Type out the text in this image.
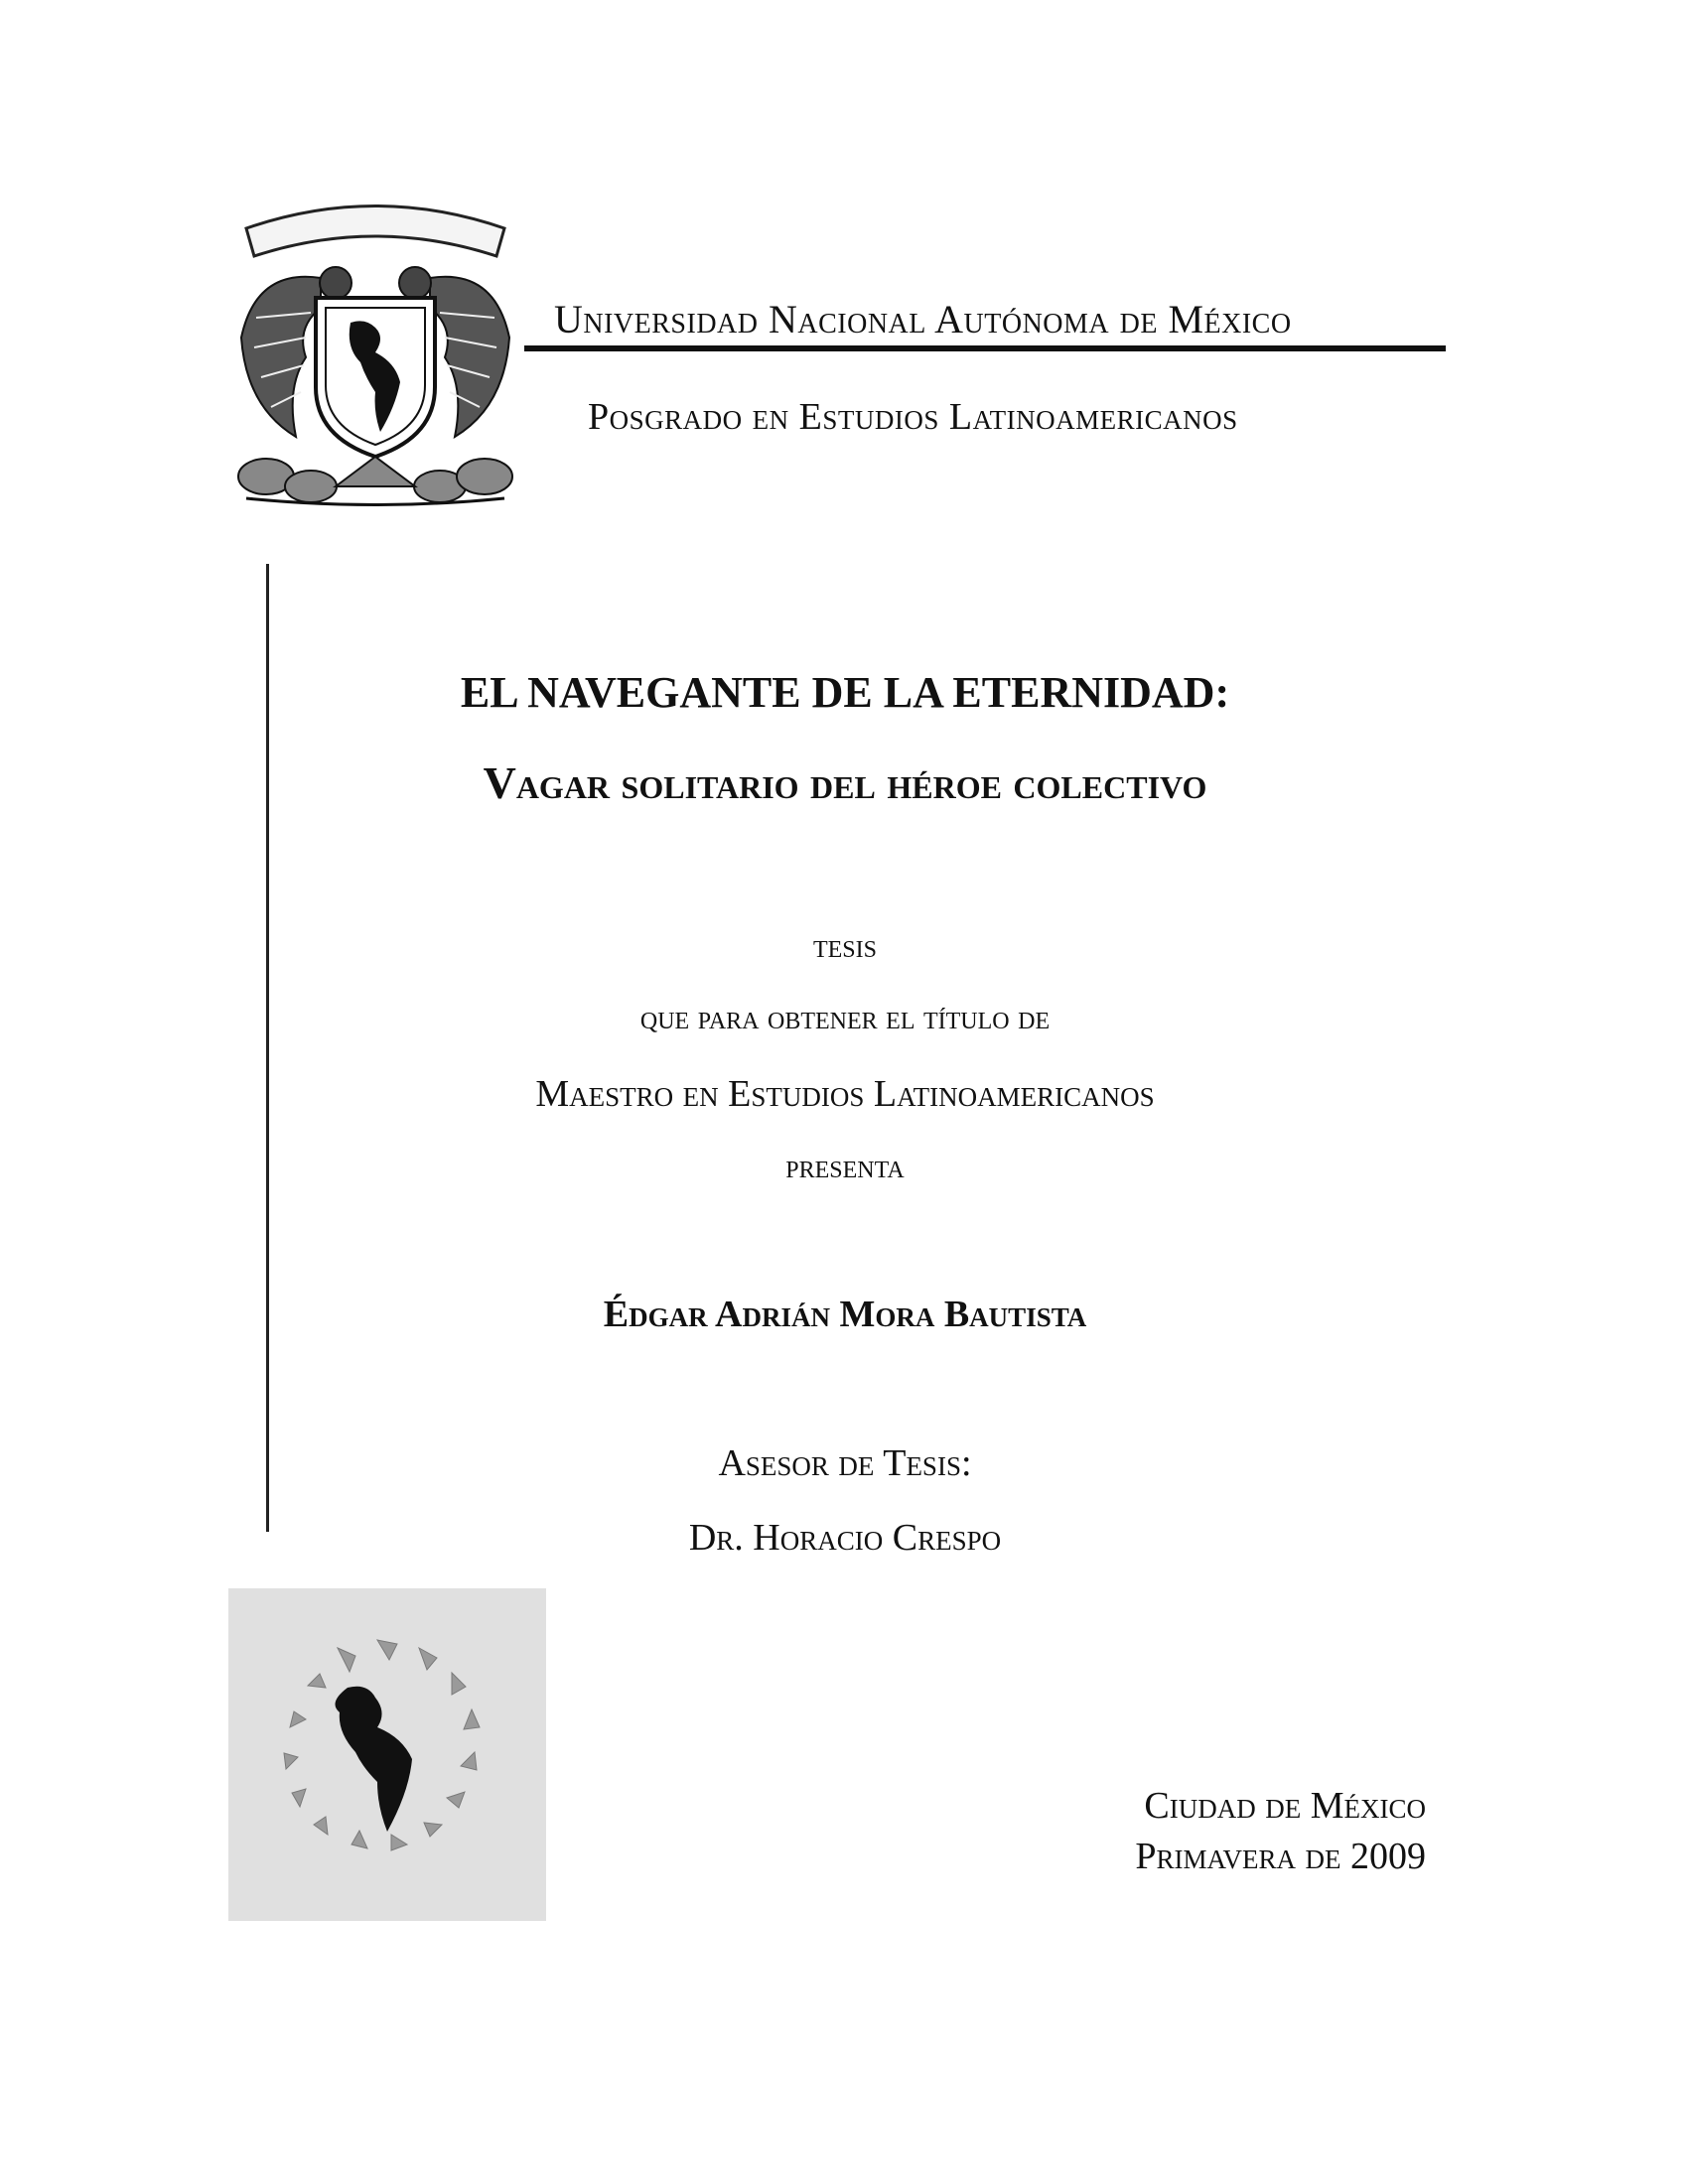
Universidad Nacional Autónoma de México
Posgrado en Estudios Latinoamericanos
EL NAVEGANTE DE LA ETERNIDAD:
Vagar solitario del héroe colectivo
tesis
que para obtener el título de
Maestro en Estudios Latinoamericanos
presenta
Édgar Adrián Mora Bautista
Asesor de Tesis:
Dr. Horacio Crespo
Ciudad de México
Primavera de 2009
